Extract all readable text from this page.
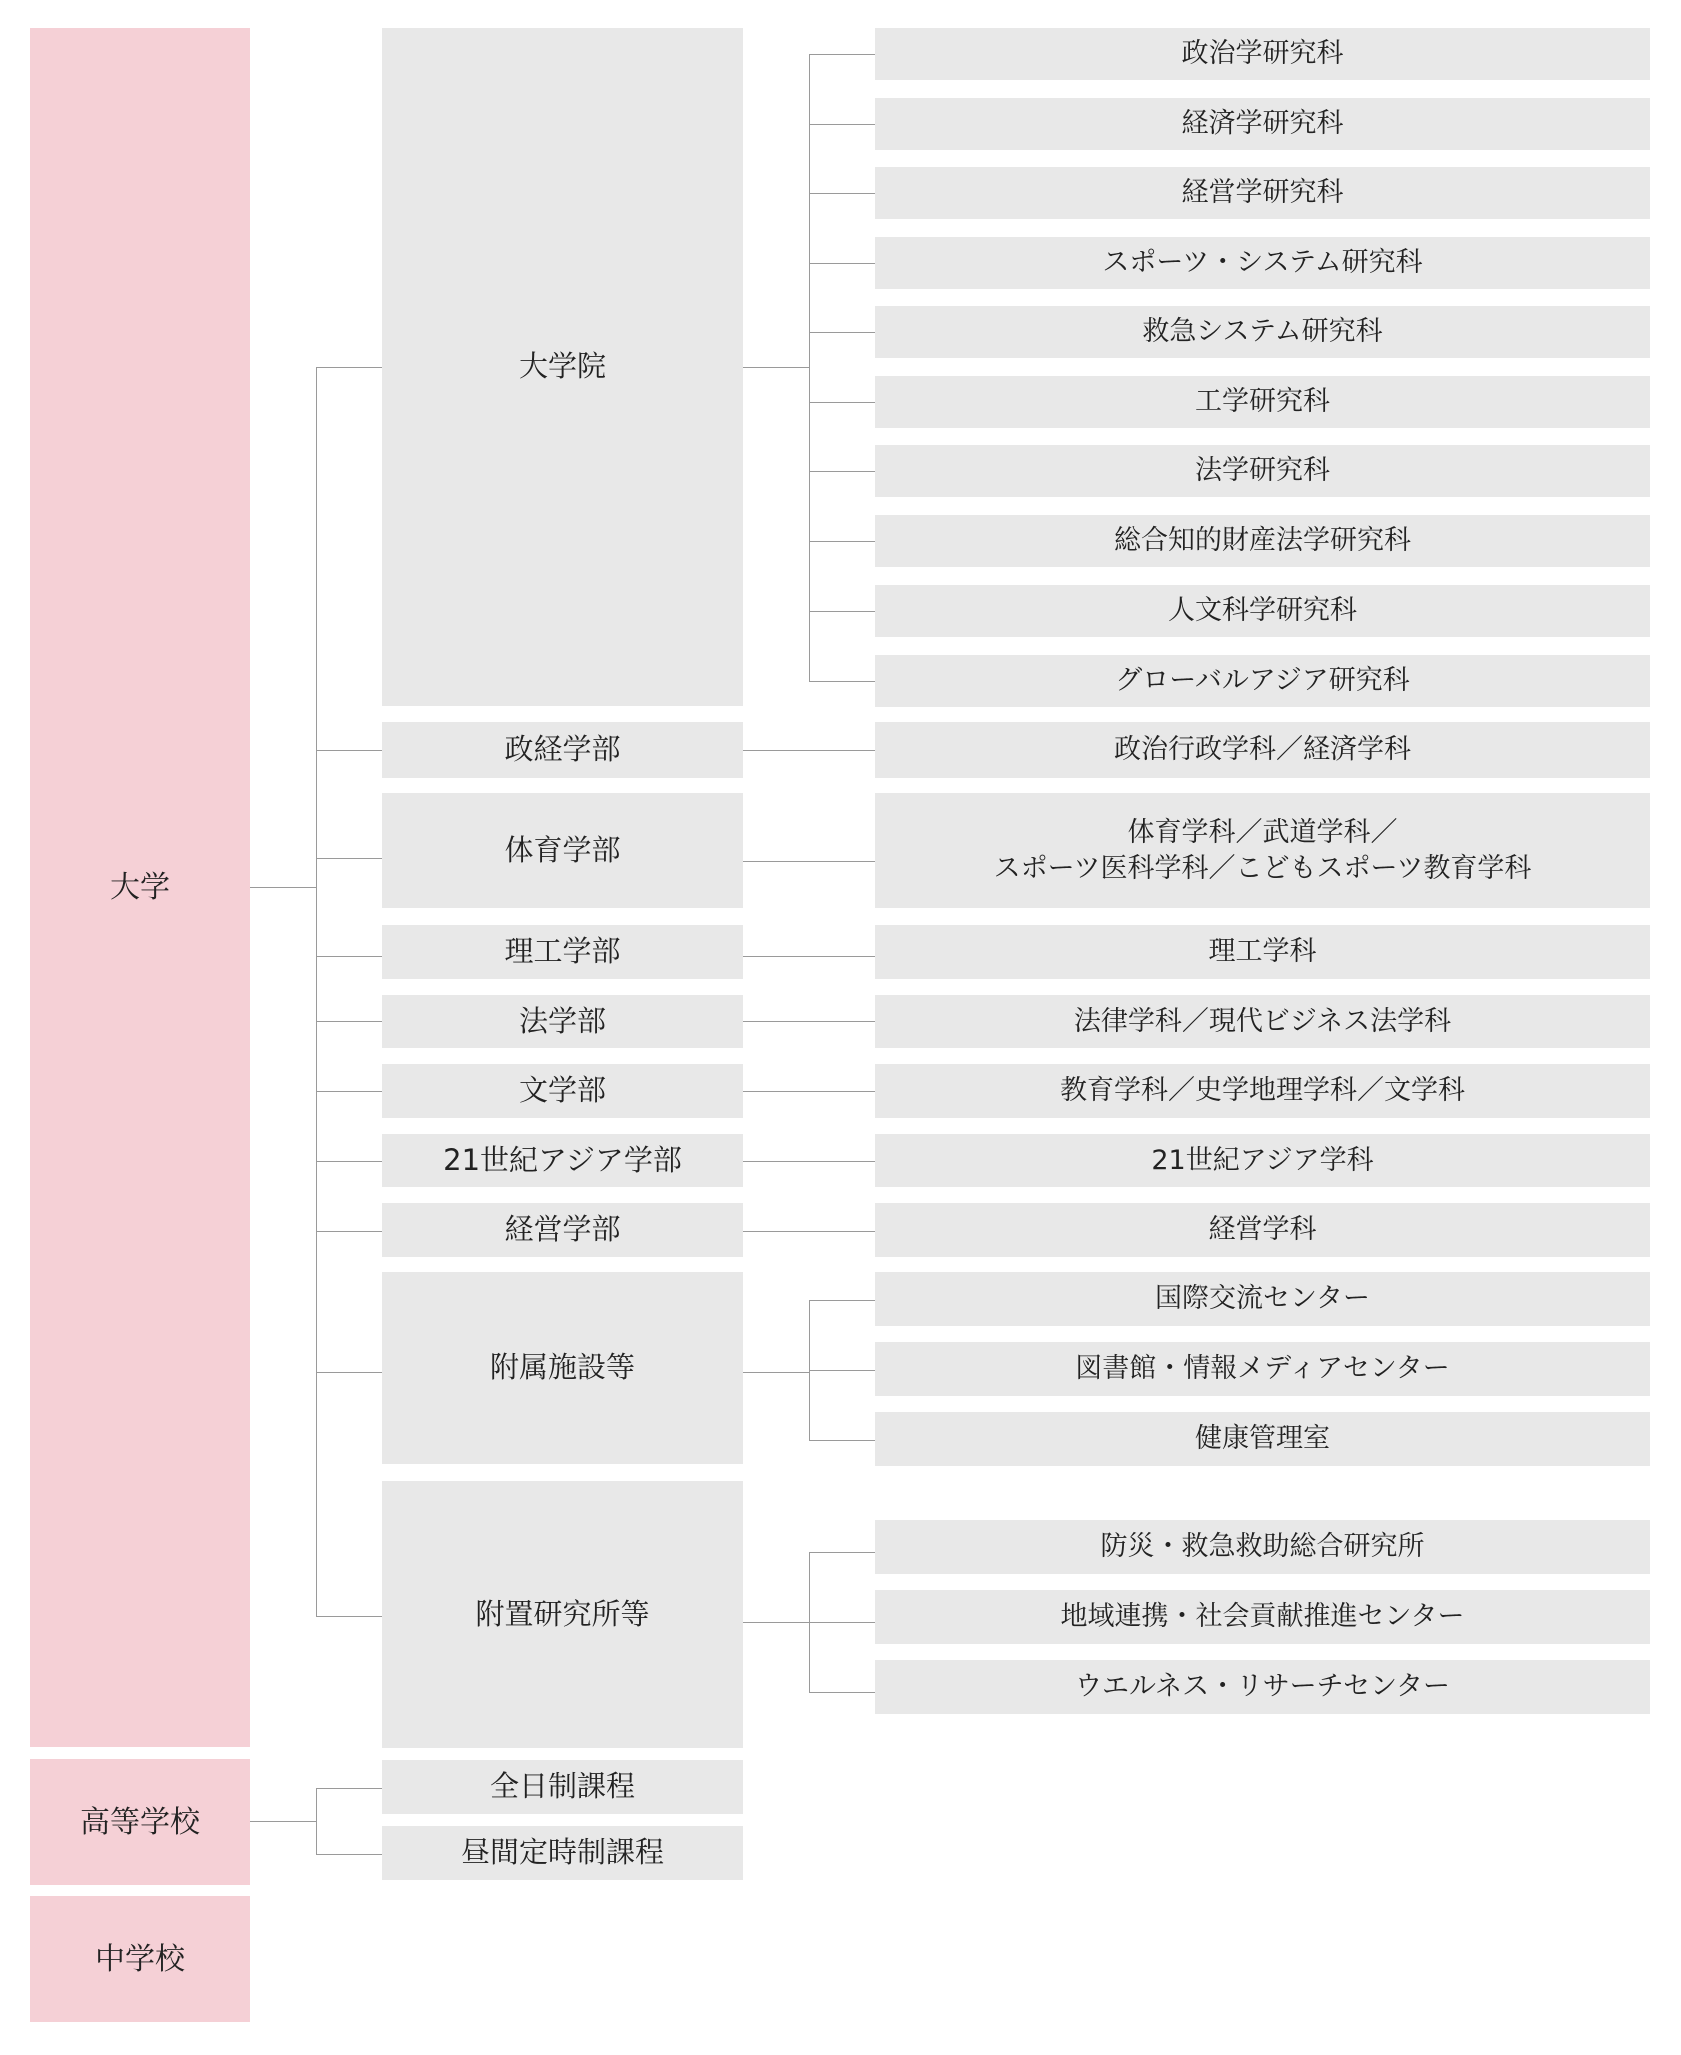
大学
高等学校
中学校
大学院
政経学部
体育学部
理工学部
法学部
文学部
21世紀アジア学部
経営学部
附属施設等
附置研究所等
全日制課程
昼間定時制課程
政治学研究科
経済学研究科
経営学研究科
スポーツ・システム研究科
救急システム研究科
工学研究科
法学研究科
総合知的財産法学研究科
人文科学研究科
グローバルアジア研究科
政治行政学科／経済学科
体育学科／武道学科／
スポーツ医科学科／こどもスポーツ教育学科
理工学科
法律学科／現代ビジネス法学科
教育学科／史学地理学科／文学科
21世紀アジア学科
経営学科
国際交流センター
図書館・情報メディアセンター
健康管理室
防災・救急救助総合研究所
地域連携・社会貢献推進センター
ウエルネス・リサーチセンター
